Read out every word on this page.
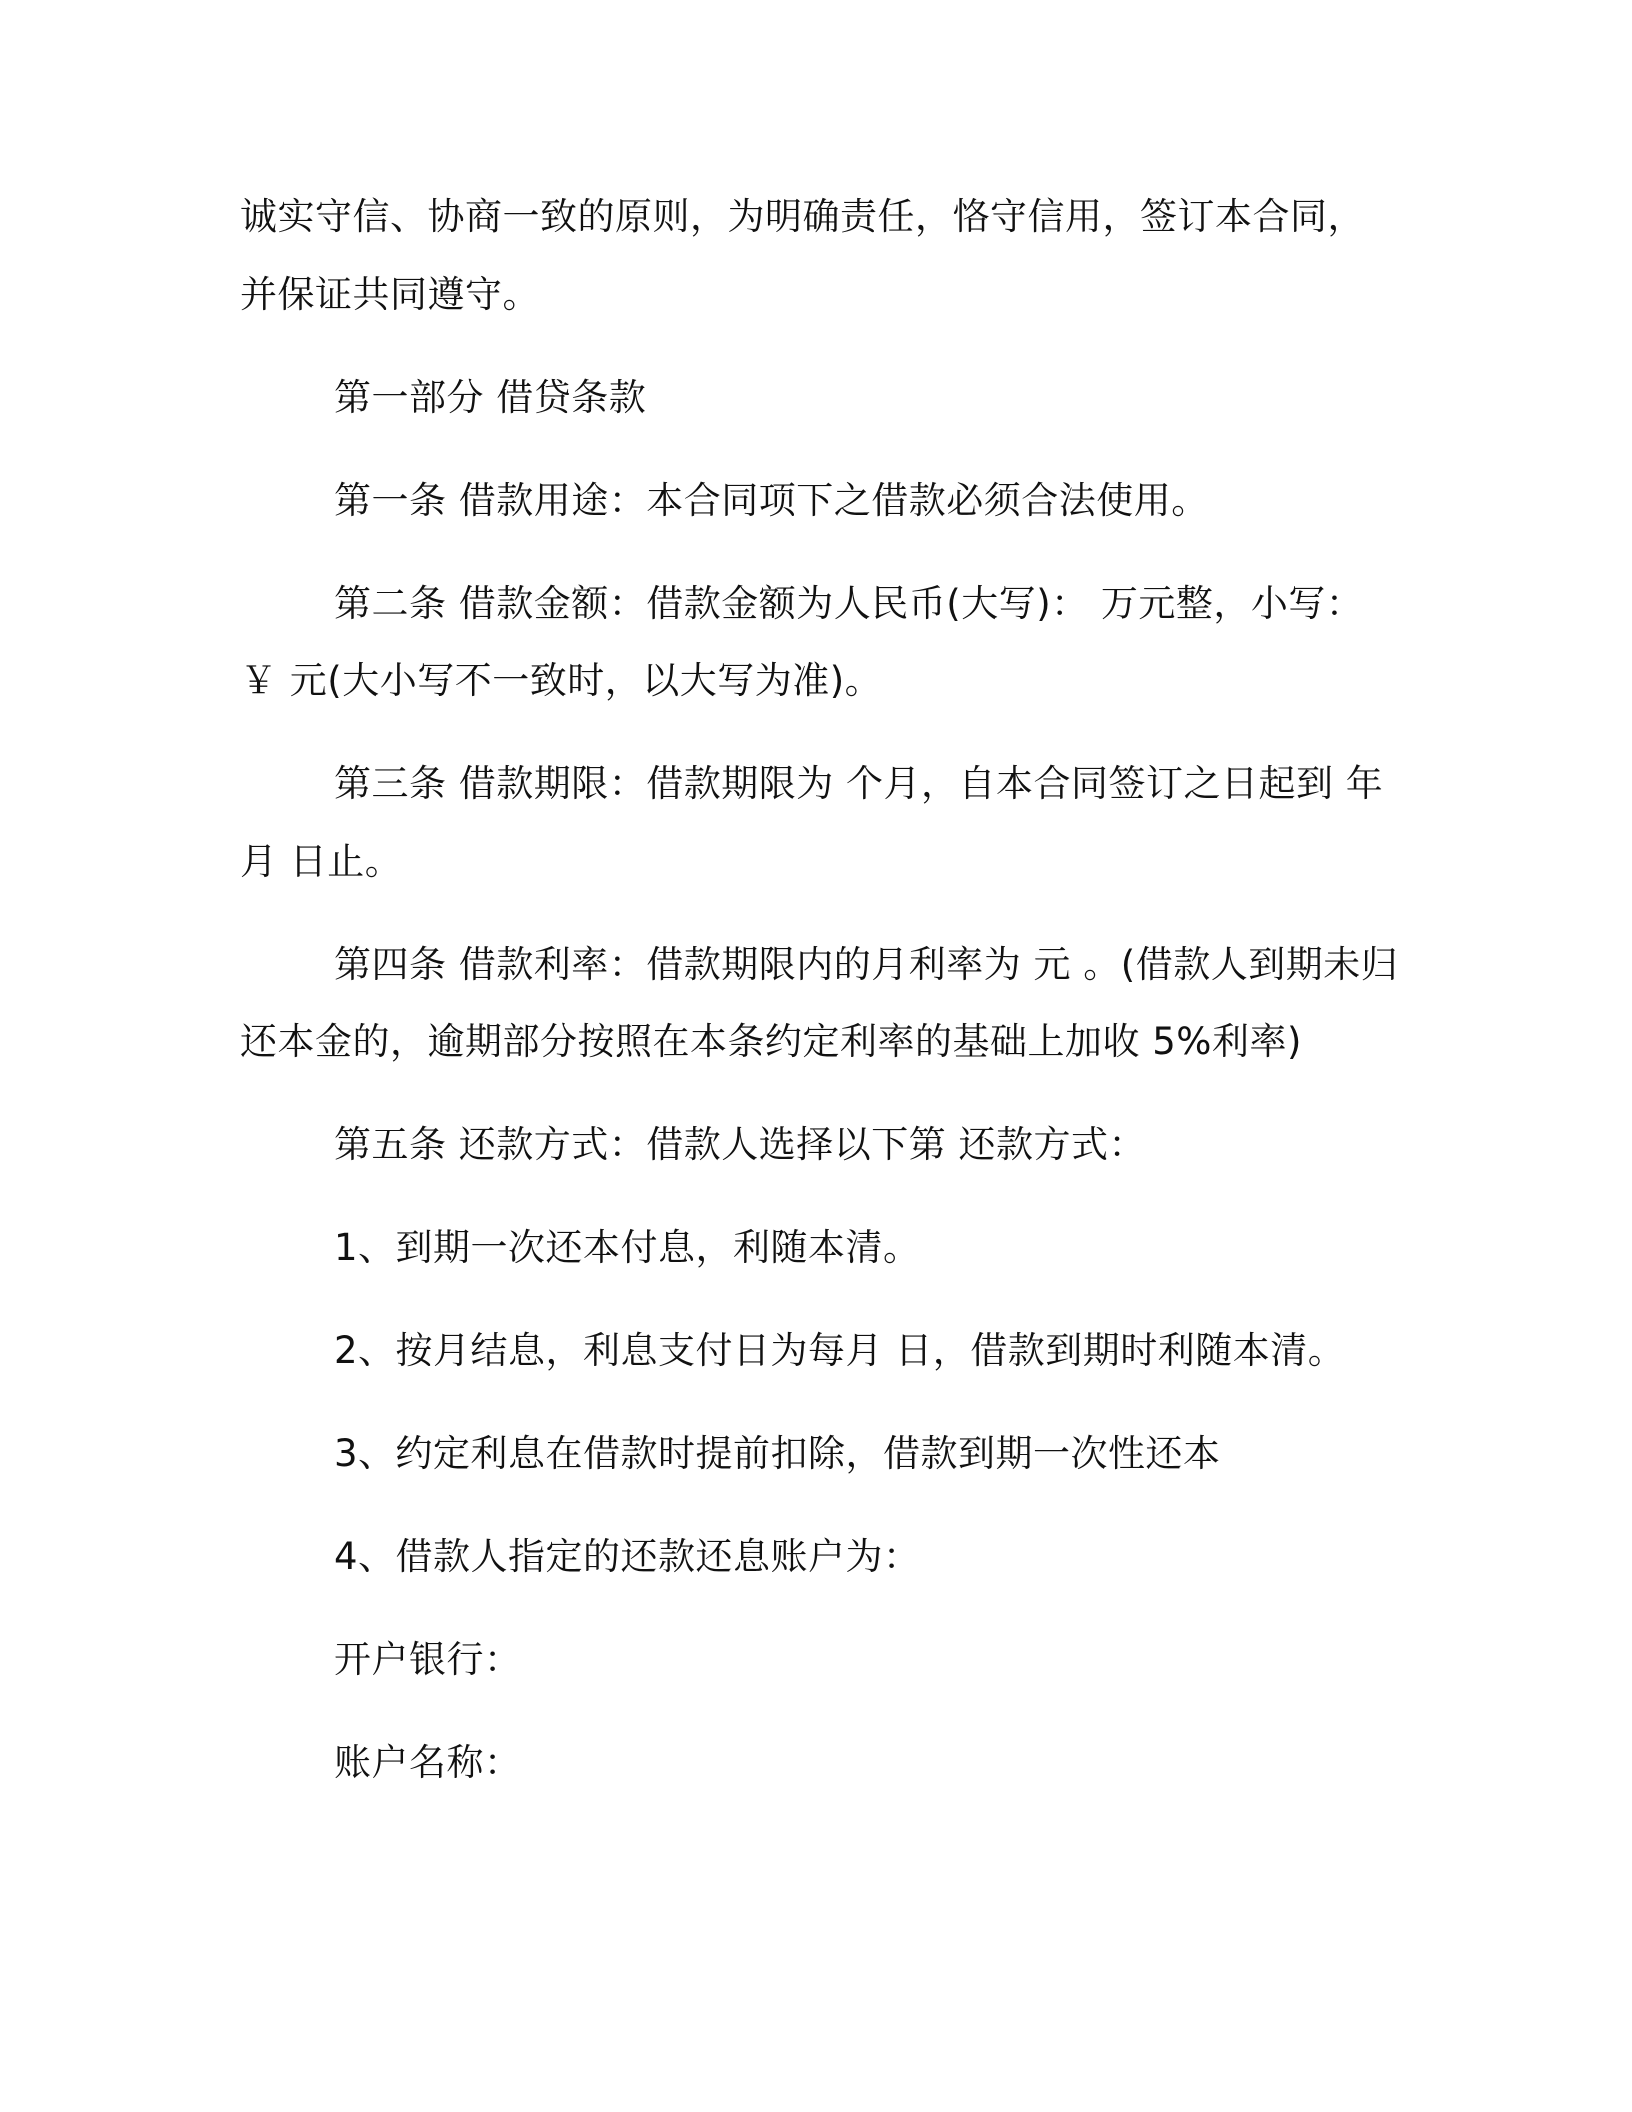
诚实守信、协商一致的原则，为明确责任，恪守信用，签订本合同，
并保证共同遵守。
第一部分 借贷条款
第一条 借款用途：本合同项下之借款必须合法使用。
第二条 借款金额：借款金额为人民币(大写)： 万元整，小写：
￥ 元(大小写不一致时，以大写为准)。
第三条 借款期限：借款期限为 个月，自本合同签订之日起到 年
月 日止。
第四条 借款利率：借款期限内的月利率为 元 。(借款人到期未归
还本金的，逾期部分按照在本条约定利率的基础上加收 5%利率)
第五条 还款方式：借款人选择以下第 还款方式：
1、到期一次还本付息，利随本清。
2、按月结息，利息支付日为每月 日，借款到期时利随本清。
3、约定利息在借款时提前扣除，借款到期一次性还本
4、借款人指定的还款还息账户为：
开户银行：
账户名称：
